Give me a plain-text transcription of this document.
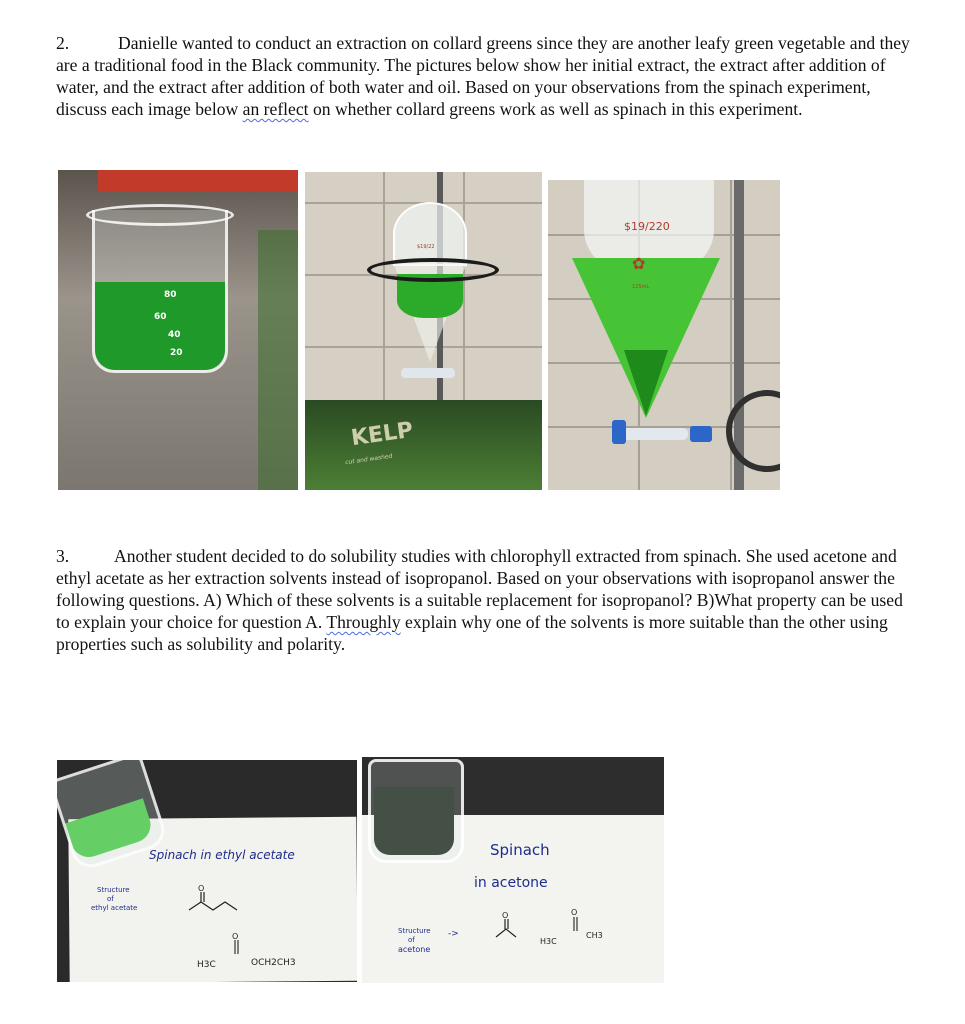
2.	Danielle wanted to conduct an extraction on collard greens since they are another leafy green vegetable and they are a traditional food in the Black community. The pictures below show her initial extract, the extract after addition of water, and the extract after addition of both water and oil. Based on your observations from the spinach experiment, discuss each image below an reflect on whether collard greens work as well as spinach in this experiment.
80
60
40
20
$19/22
KELP
cut and washed
$19/220
✿
125mL
3.	Another student decided to do solubility studies with chlorophyll extracted from spinach. She used acetone and ethyl acetate as her extraction solvents instead of isopropanol. Based on your observations with isopropanol answer the following questions. A) Which of these solvents is a suitable replacement for isopropanol? B)What property can be used to explain your choice for question A. Throughly explain why one of the solvents is more suitable than the other using properties such as solubility and polarity.
Spinach in ethyl acetate
Structure
of
ethyl acetate
O
O
H3C	OCH2CH3
Spinach
in acetone
Structure
of
acetone
->
O	O
H3C
CH3
